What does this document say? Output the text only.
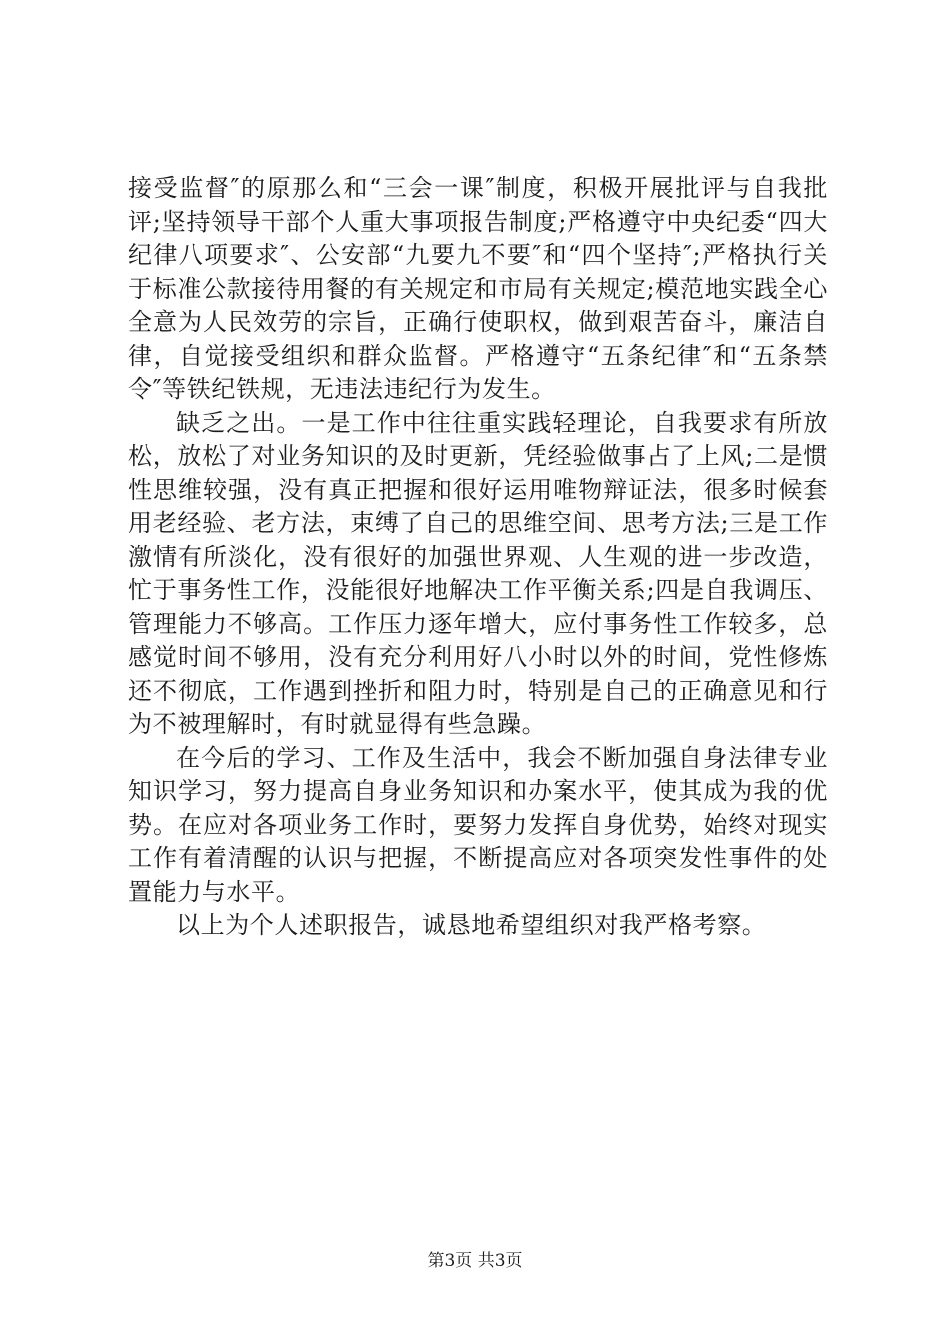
接受监督″的原那么和“三会一课″制度，积极开展批评与自我批评;坚持领导干部个人重大事项报告制度;严格遵守中央纪委“四大纪律八项要求″、公安部“九要九不要″和“四个坚持″;严格执行关于标准公款接待用餐的有关规定和市局有关规定;模范地实践全心全意为人民效劳的宗旨，正确行使职权，做到艰苦奋斗，廉洁自律，自觉接受组织和群众监督。严格遵守“五条纪律″和“五条禁令″等铁纪铁规，无违法违纪行为发生。

缺乏之出。一是工作中往往重实践轻理论，自我要求有所放松，放松了对业务知识的及时更新，凭经验做事占了上风;二是惯性思维较强，没有真正把握和很好运用唯物辩证法，很多时候套用老经验、老方法，束缚了自己的思维空间、思考方法;三是工作激情有所淡化，没有很好的加强世界观、人生观的进一步改造，忙于事务性工作，没能很好地解决工作平衡关系;四是自我调压、管理能力不够高。工作压力逐年增大，应付事务性工作较多，总感觉时间不够用，没有充分利用好八小时以外的时间，党性修炼还不彻底，工作遇到挫折和阻力时，特别是自己的正确意见和行为不被理解时，有时就显得有些急躁。

在今后的学习、工作及生活中，我会不断加强自身法律专业知识学习，努力提高自身业务知识和办案水平，使其成为我的优势。在应对各项业务工作时，要努力发挥自身优势，始终对现实工作有着清醒的认识与把握，不断提高应对各项突发性事件的处置能力与水平。

以上为个人述职报告，诚恳地希望组织对我严格考察。

第3页 共3页
